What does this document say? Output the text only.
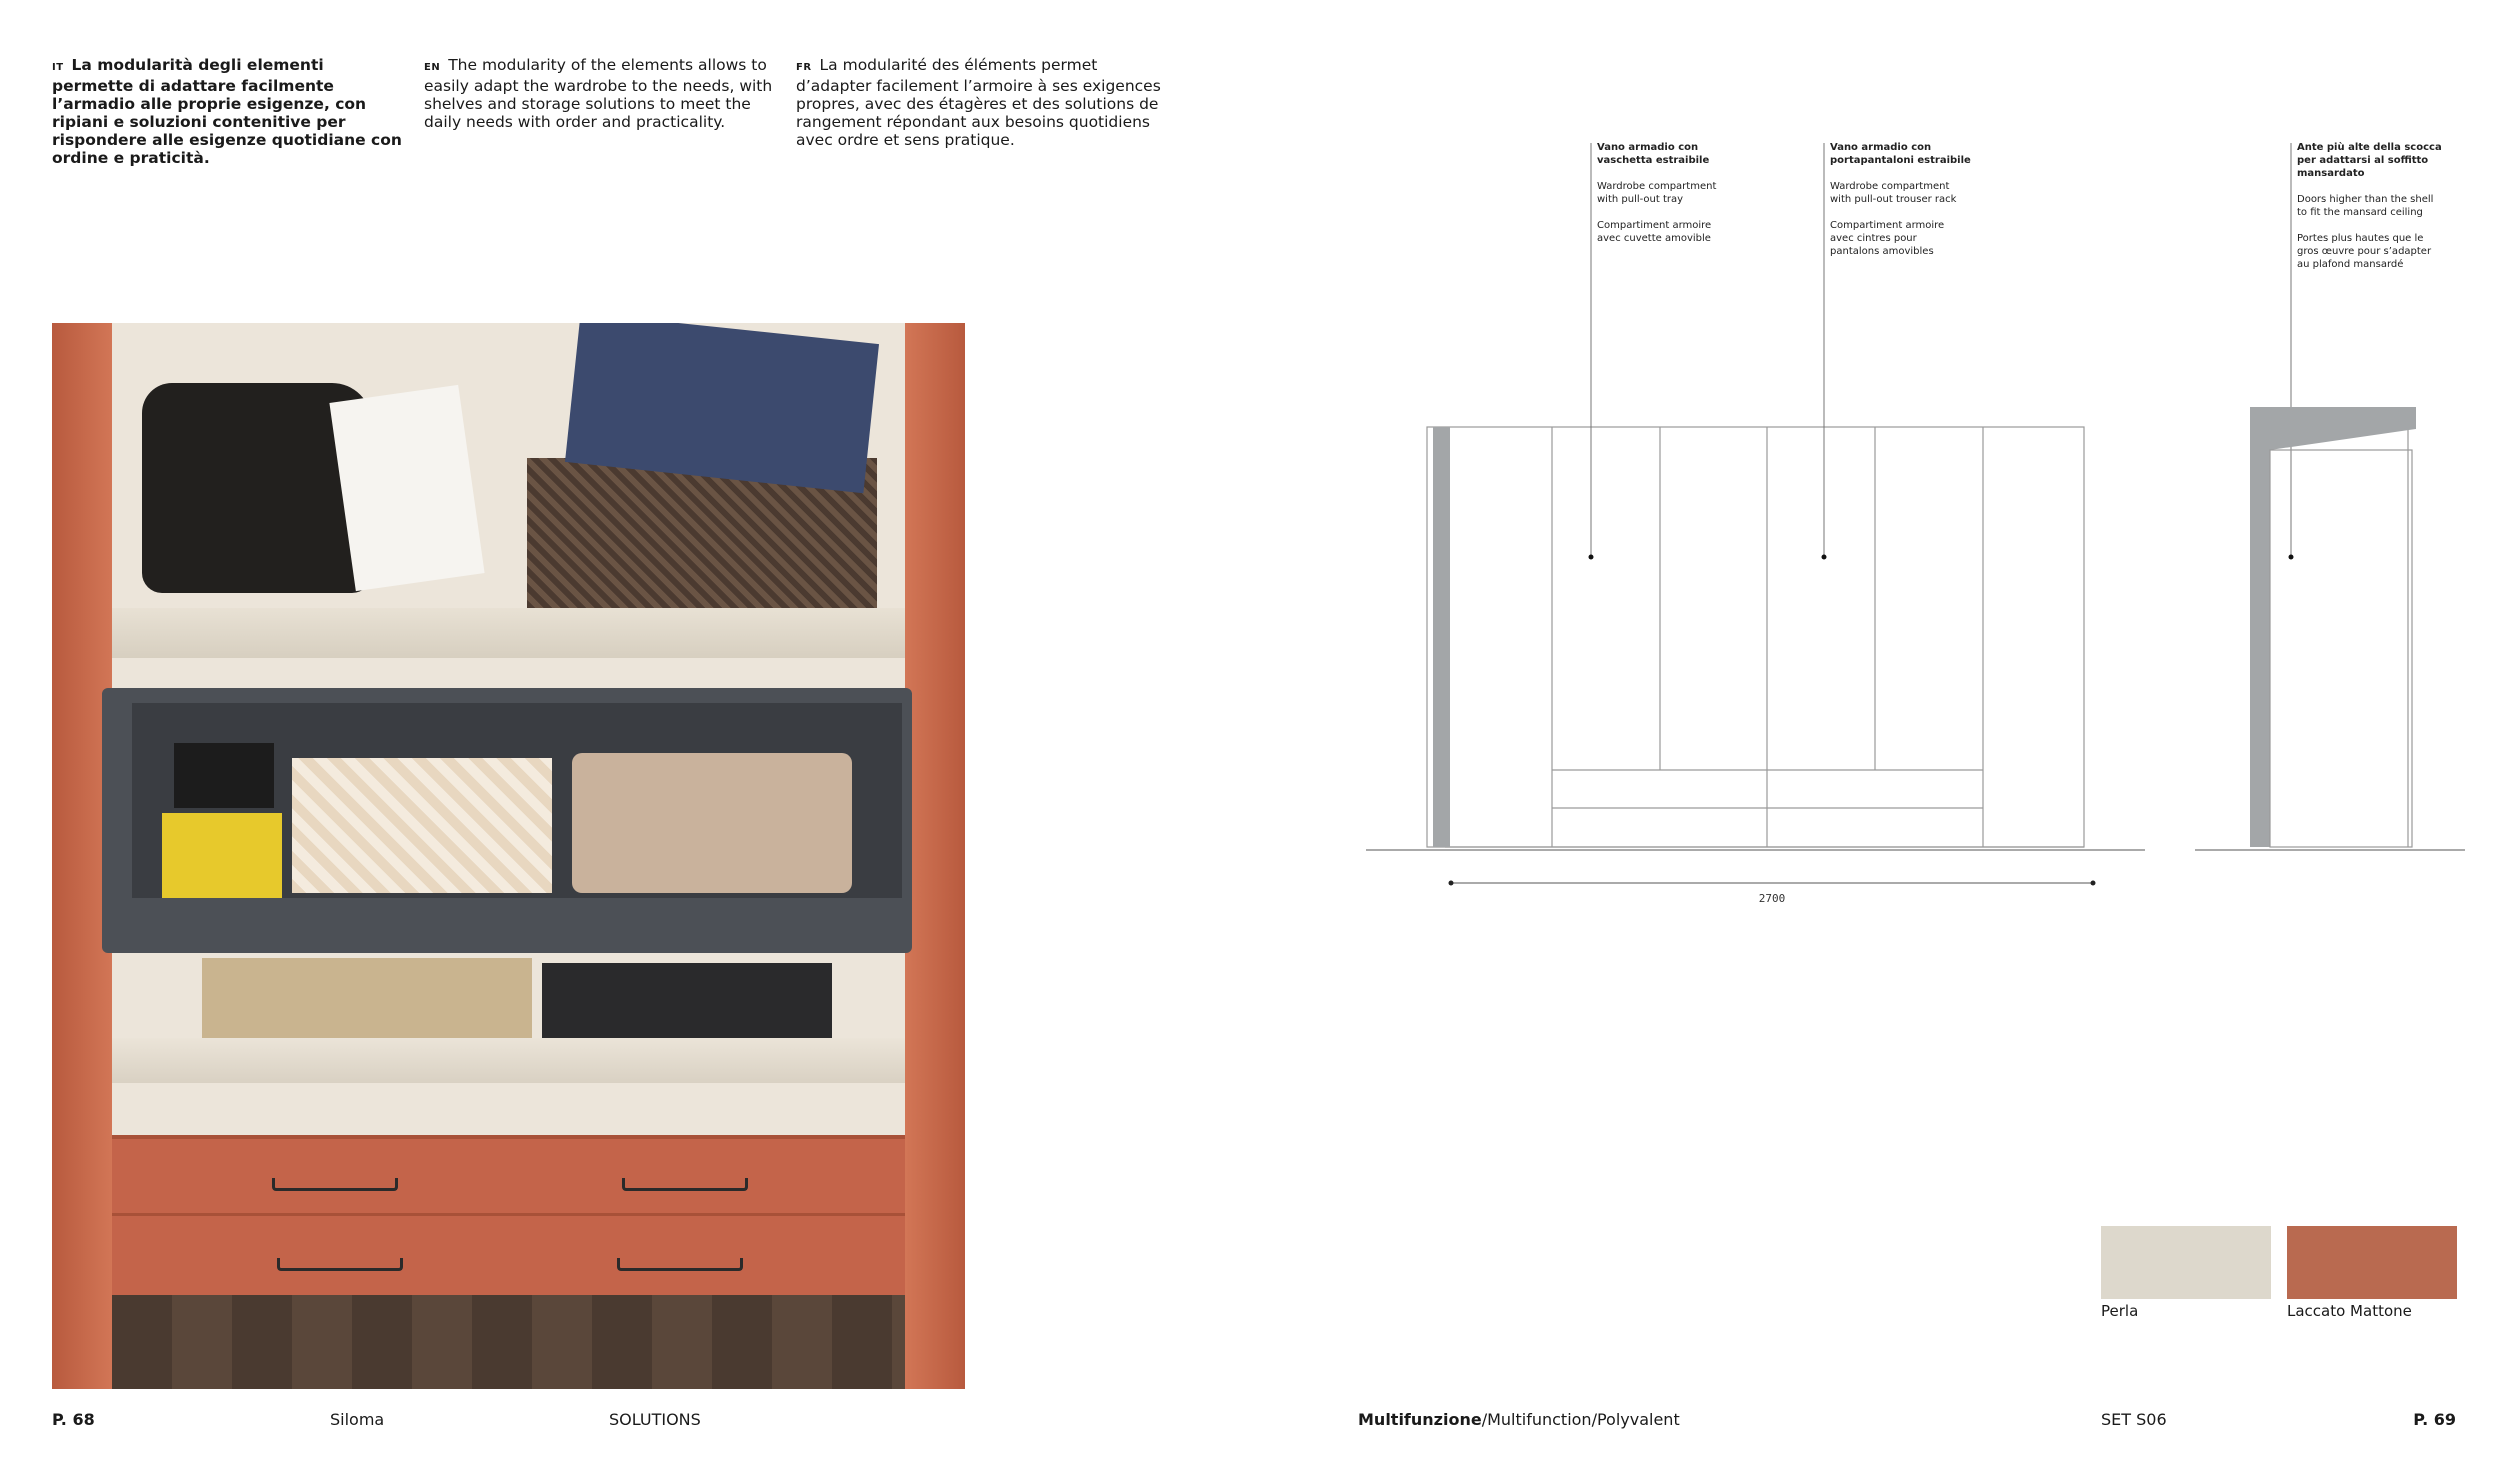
IT La modularità degli elementi permette di adattare facilmente l’armadio alle proprie esigenze, con ripiani e soluzioni contenitive per rispondere alle esigenze quotidiane con ordine e praticità.
EN The modularity of the elements allows to easily adapt the wardrobe to the needs, with shelves and storage solutions to meet the daily needs with order and practicality.
FR La modularité des éléments permet d’adapter facilement l’armoire à ses exigences propres, avec des étagères et des solutions de rangement répondant aux besoins quotidiens avec ordre et sens pratique.
2700
Vano armadio con
vaschetta estraibile
Wardrobe compartment
with pull-out tray
Compartiment armoire
avec cuvette amovible
Vano armadio con
portapantaloni estraibile
Wardrobe compartment
with pull-out trouser rack
Compartiment armoire
avec cintres pour
pantalons amovibles
Ante più alte della scocca
per adattarsi al soffitto
mansardato
Doors higher than the shell
to fit the mansard ceiling
Portes plus hautes que le
gros œuvre pour s’adapter
au plafond mansardé
Perla	Laccato Mattone
P. 68	Siloma	SOLUTIONS	Multifunzione/Multifunction/Polyvalent	SET S06	P. 69
